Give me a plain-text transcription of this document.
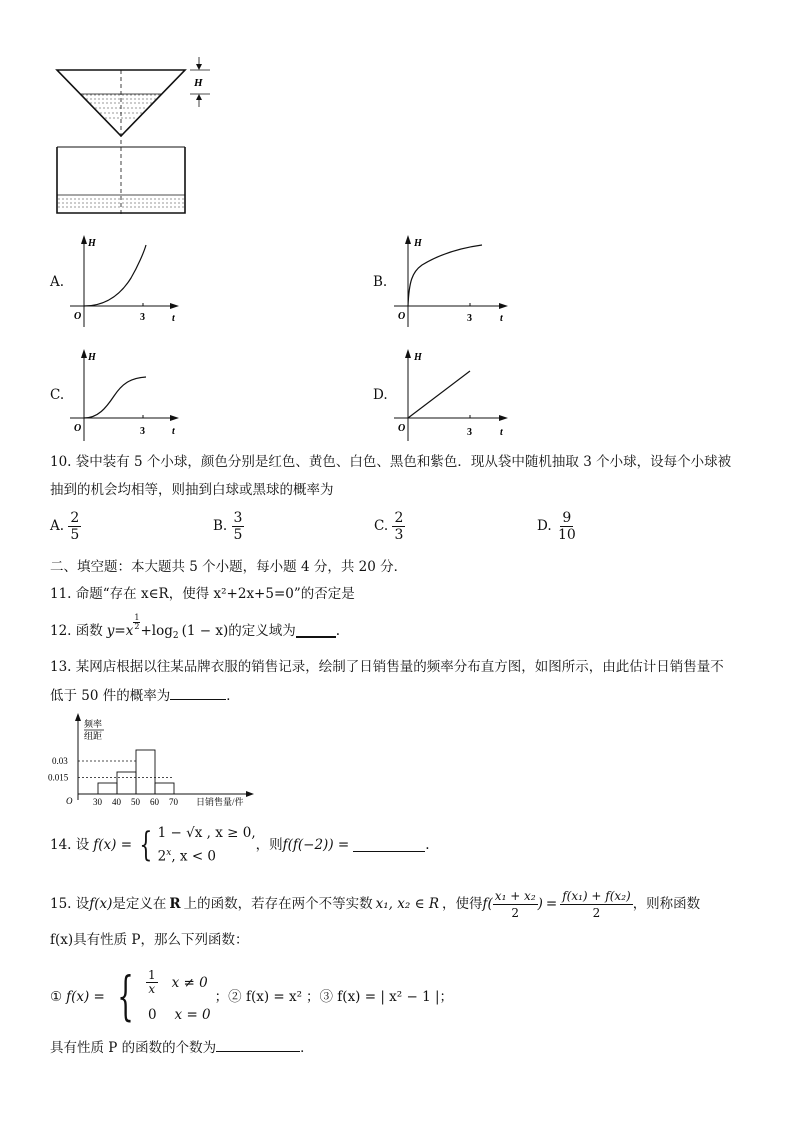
H
A.
H
O	3	t
B.
H
O	3	t
C.
H
O	3	t
D.
H
O	3	t
10. 袋中装有 5 个小球，颜色分别是红色、黄色、白色、黑色和紫色．现从袋中随机抽取 3 个小球，设每个小球被
抽到的机会均相等，则抽到白球或黑球的概率为
A. $\frac{2}{5}$	B. $\frac{3}{5}$	C. $\frac{2}{3}$	D. $\frac{9}{10}$
二、填空题：本大题共 5 个小题，每小题 4 分，共 20 分．
11. 命题“存在 x∈R，使得 x²+2x+5=0”的否定是
12. 函数 y = x
1
2 +log 2 (1 − x) 的定义域为	.
13. 某网店根据以往某品牌衣服的销售记录，绘制了日销售量的频率分布直方图，如图所示，由此估计日销售量不
低于 50 件的概率为	．
频率
组距
0.03
0.015
O 30 40 50 60 70 日销售量/件
14. 设 f(x) = { 1 − √x , x ≥ 0,
2$^x$, x < 0
，则 f(f(−2)) =	.
15. 设 f(x) 是定义在 R 上的函数，若存在两个不等实数 x₁, x₂ ∈ R ，使得 $f( \frac{\text{x₁ + x₂}}{2}$ ) = $\frac{\text{f(x₁) + f(x₂)}}{2}$ ，则称函数
f(x)具有性质 P，那么下列函数：
① f(x) = { $\frac{1}{x}$ x ≠ 0
0 x = 0
；② f(x) = x² ；③ f(x) = | x² − 1 |；
具有性质 P 的函数的个数为	．
